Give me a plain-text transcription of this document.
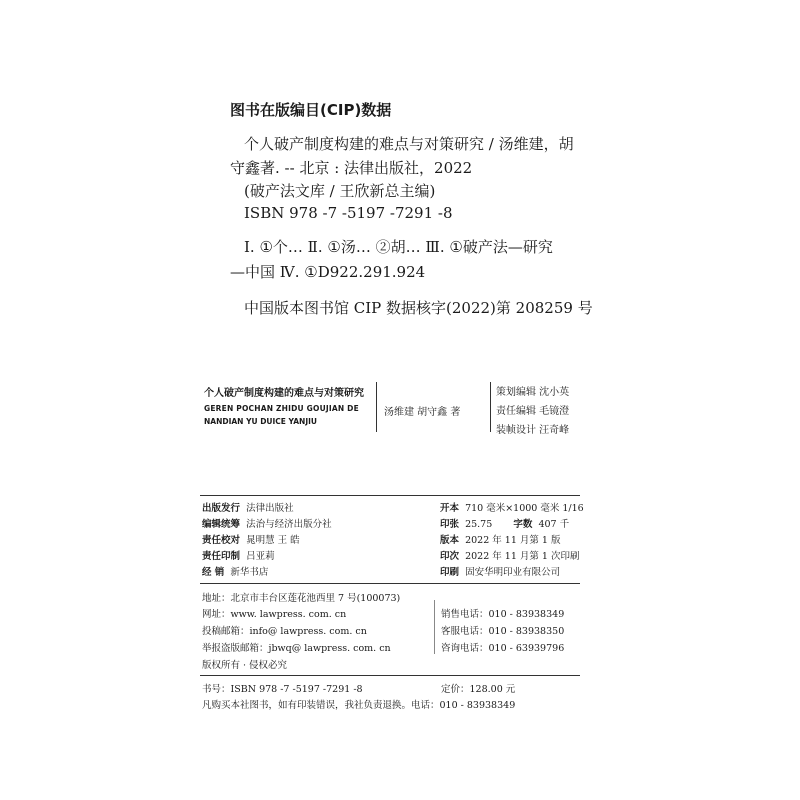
图书在版编目(CIP)数据
个人破产制度构建的难点与对策研究 / 汤维建，胡
守鑫著. -- 北京 : 法律出版社，2022
(破产法文库 / 王欣新总主编)
ISBN 978 -7 -5197 -7291 -8
Ⅰ. ①个… Ⅱ. ①汤… ②胡… Ⅲ. ①破产法—研究
—中国 Ⅳ. ①D922.291.924
中国版本图书馆 CIP 数据核字(2022)第 208259 号
个人破产制度构建的难点与对策研究
GEREN POCHAN ZHIDU GOUJIAN DE
NANDIAN YU DUICE YANJIU
汤维建 胡守鑫 著
策划编辑 沈小英
责任编辑 毛镜澄
装帧设计 汪奇峰
出版发行 法律出版社
编辑统筹 法治与经济出版分社
责任校对 晁明慧 王 皓
责任印制 吕亚莉
经 销 新华书店
开本 710 毫米×1000 毫米 1/16
印张 25.75 字数 407 千
版本 2022 年 11 月第 1 版
印次 2022 年 11 月第 1 次印刷
印刷 固安华明印业有限公司
地址：北京市丰台区莲花池西里 7 号(100073)
网址：www. lawpress. com. cn
投稿邮箱：info@ lawpress. com. cn
举报盗版邮箱：jbwq@ lawpress. com. cn
版权所有 · 侵权必究
销售电话：010 - 83938349
客服电话：010 - 83938350
咨询电话：010 - 63939796
书号：ISBN 978 -7 -5197 -7291 -8	定价：128.00 元
凡购买本社图书，如有印装错误，我社负责退换。电话：010 - 83938349
